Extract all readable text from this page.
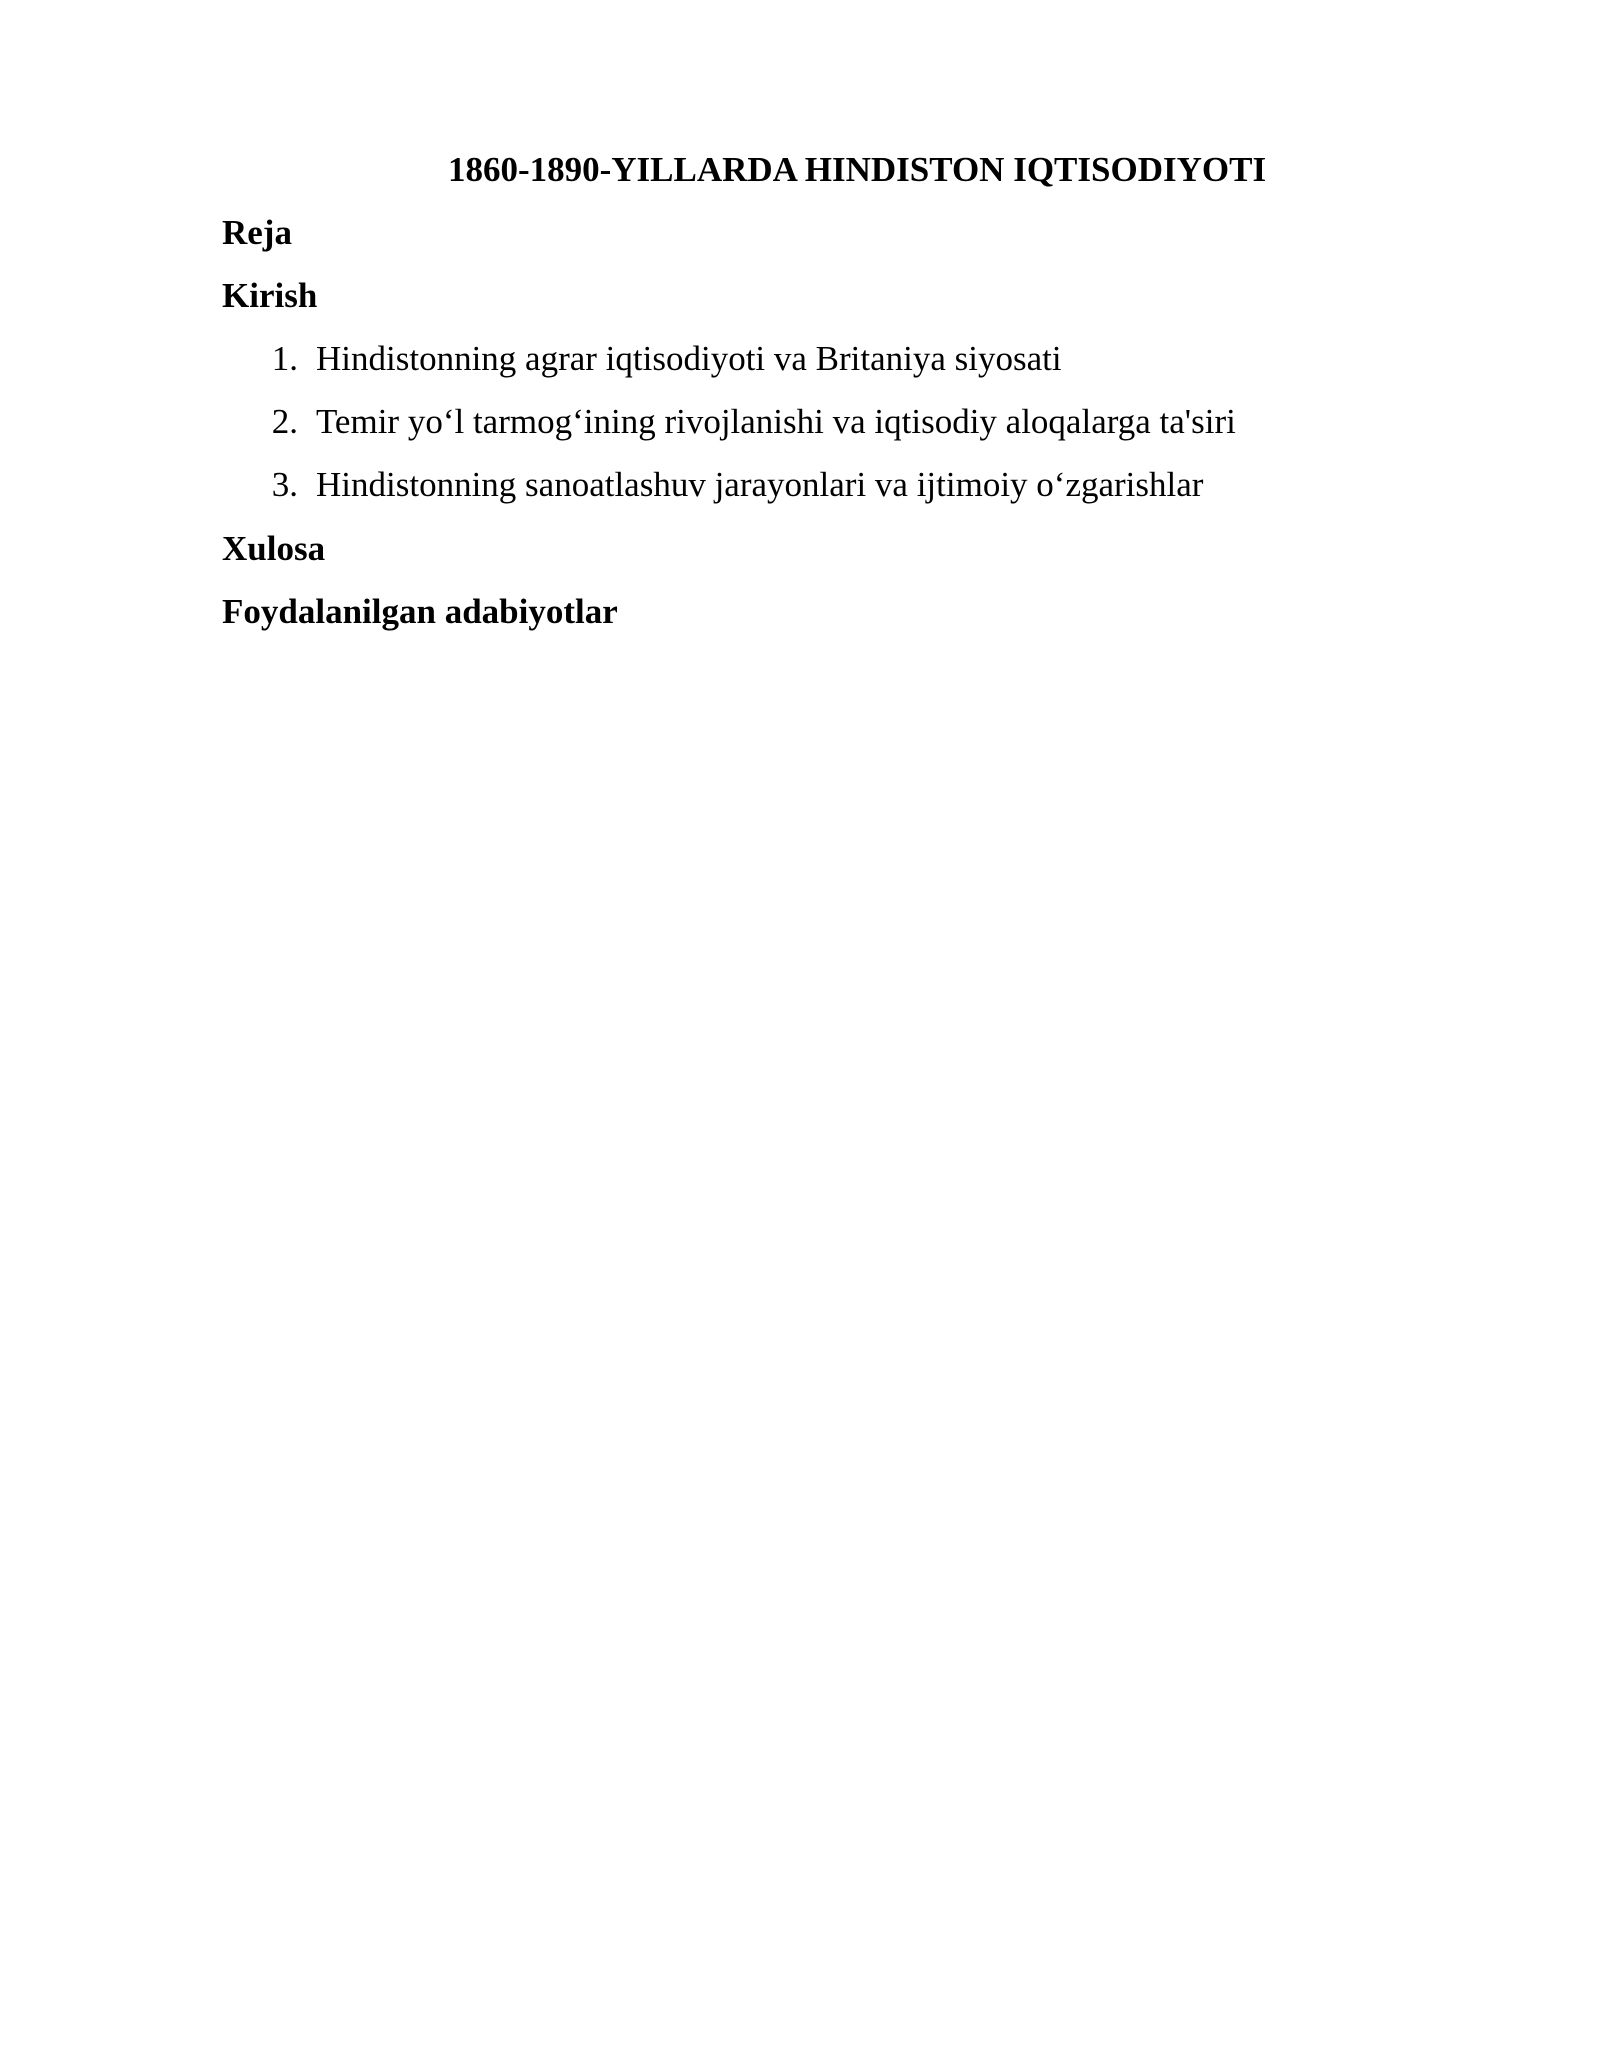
1860-1890-YILLARDA HINDISTON IQTISODIYOTI

Reja

Kirish

1. Hindistonning agrar iqtisodiyoti va Britaniya siyosati
2. Temir yo‘l tarmog‘ining rivojlanishi va iqtisodiy aloqalarga ta'siri
3. Hindistonning sanoatlashuv jarayonlari va ijtimoiy o‘zgarishlar

Xulosa

Foydalanilgan adabiyotlar
